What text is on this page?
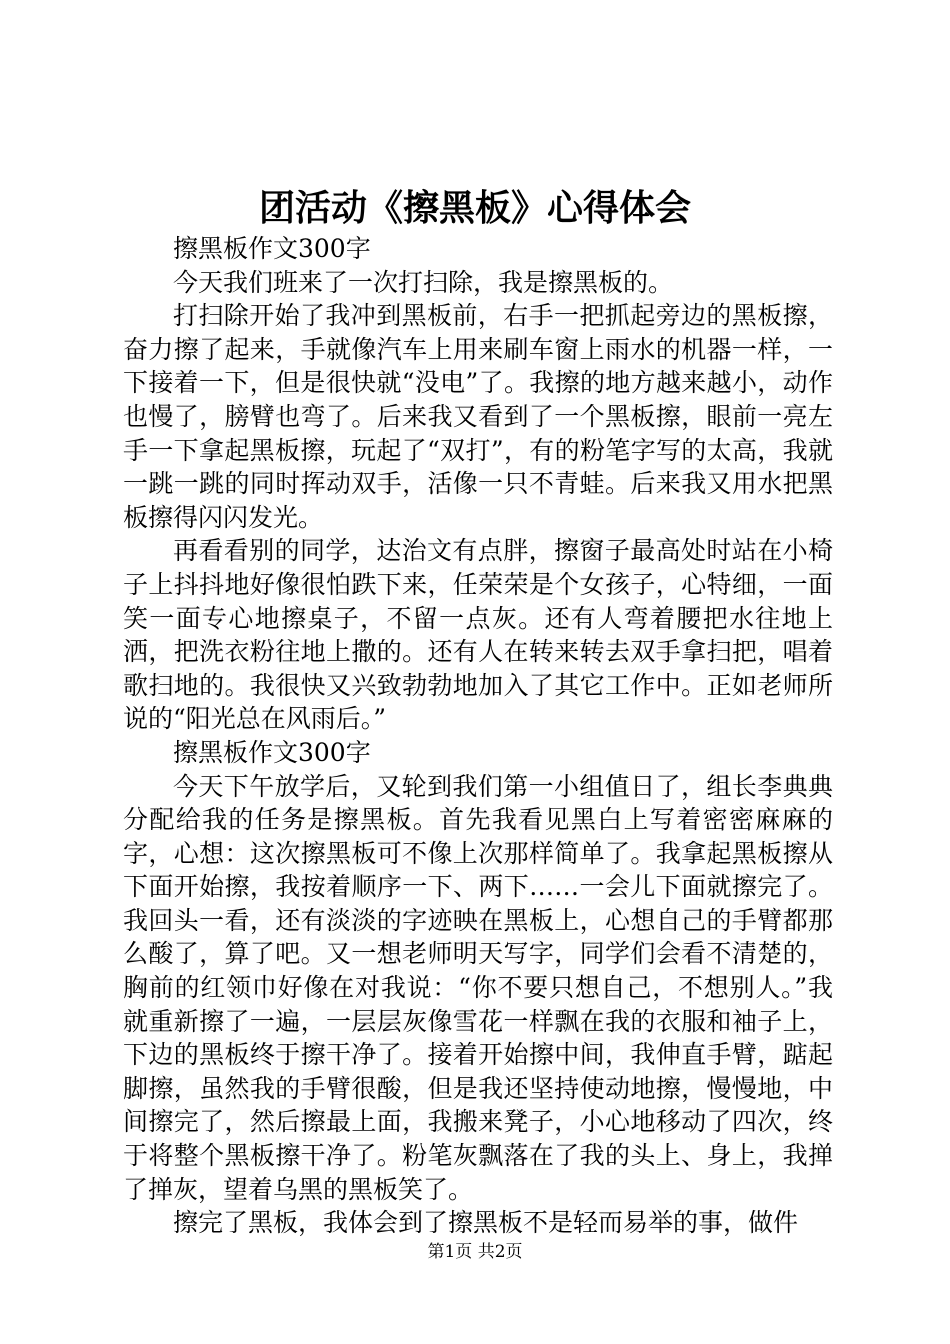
团活动《擦黑板》心得体会

擦黑板作文300字

今天我们班来了一次打扫除，我是擦黑板的。

打扫除开始了我冲到黑板前，右手一把抓起旁边的黑板擦，奋力擦了起来，手就像汽车上用来刷车窗上雨水的机器一样，一下接着一下，但是很快就“没电”了。我擦的地方越来越小，动作也慢了，膀臂也弯了。后来我又看到了一个黑板擦，眼前一亮左手一下拿起黑板擦，玩起了“双打”，有的粉笔字写的太高，我就一跳一跳的同时挥动双手，活像一只不青蛙。后来我又用水把黑板擦得闪闪发光。

再看看别的同学，达治文有点胖，擦窗子最高处时站在小椅子上抖抖地好像很怕跌下来，任荣荣是个女孩子，心特细，一面笑一面专心地擦桌子，不留一点灰。还有人弯着腰把水往地上洒，把洗衣粉往地上撒的。还有人在转来转去双手拿扫把，唱着歌扫地的。我很快又兴致勃勃地加入了其它工作中。正如老师所说的“阳光总在风雨后。”

擦黑板作文300字

今天下午放学后，又轮到我们第一小组值日了，组长李典典分配给我的任务是擦黑板。首先我看见黑白上写着密密麻麻的字，心想：这次擦黑板可不像上次那样简单了。我拿起黑板擦从下面开始擦，我按着顺序一下、两下……一会儿下面就擦完了。我回头一看，还有淡淡的字迹映在黑板上，心想自己的手臂都那么酸了，算了吧。又一想老师明天写字，同学们会看不清楚的，胸前的红领巾好像在对我说：“你不要只想自己，不想别人。”我就重新擦了一遍，一层层灰像雪花一样飘在我的衣服和袖子上，下边的黑板终于擦干净了。接着开始擦中间，我伸直手臂，踮起脚擦，虽然我的手臂很酸，但是我还坚持使动地擦，慢慢地，中间擦完了，然后擦最上面，我搬来凳子，小心地移动了四次，终于将整个黑板擦干净了。粉笔灰飘落在了我的头上、身上，我掸了掸灰，望着乌黑的黑板笑了。

擦完了黑板，我体会到了擦黑板不是轻而易举的事，做件

第1页 共2页
